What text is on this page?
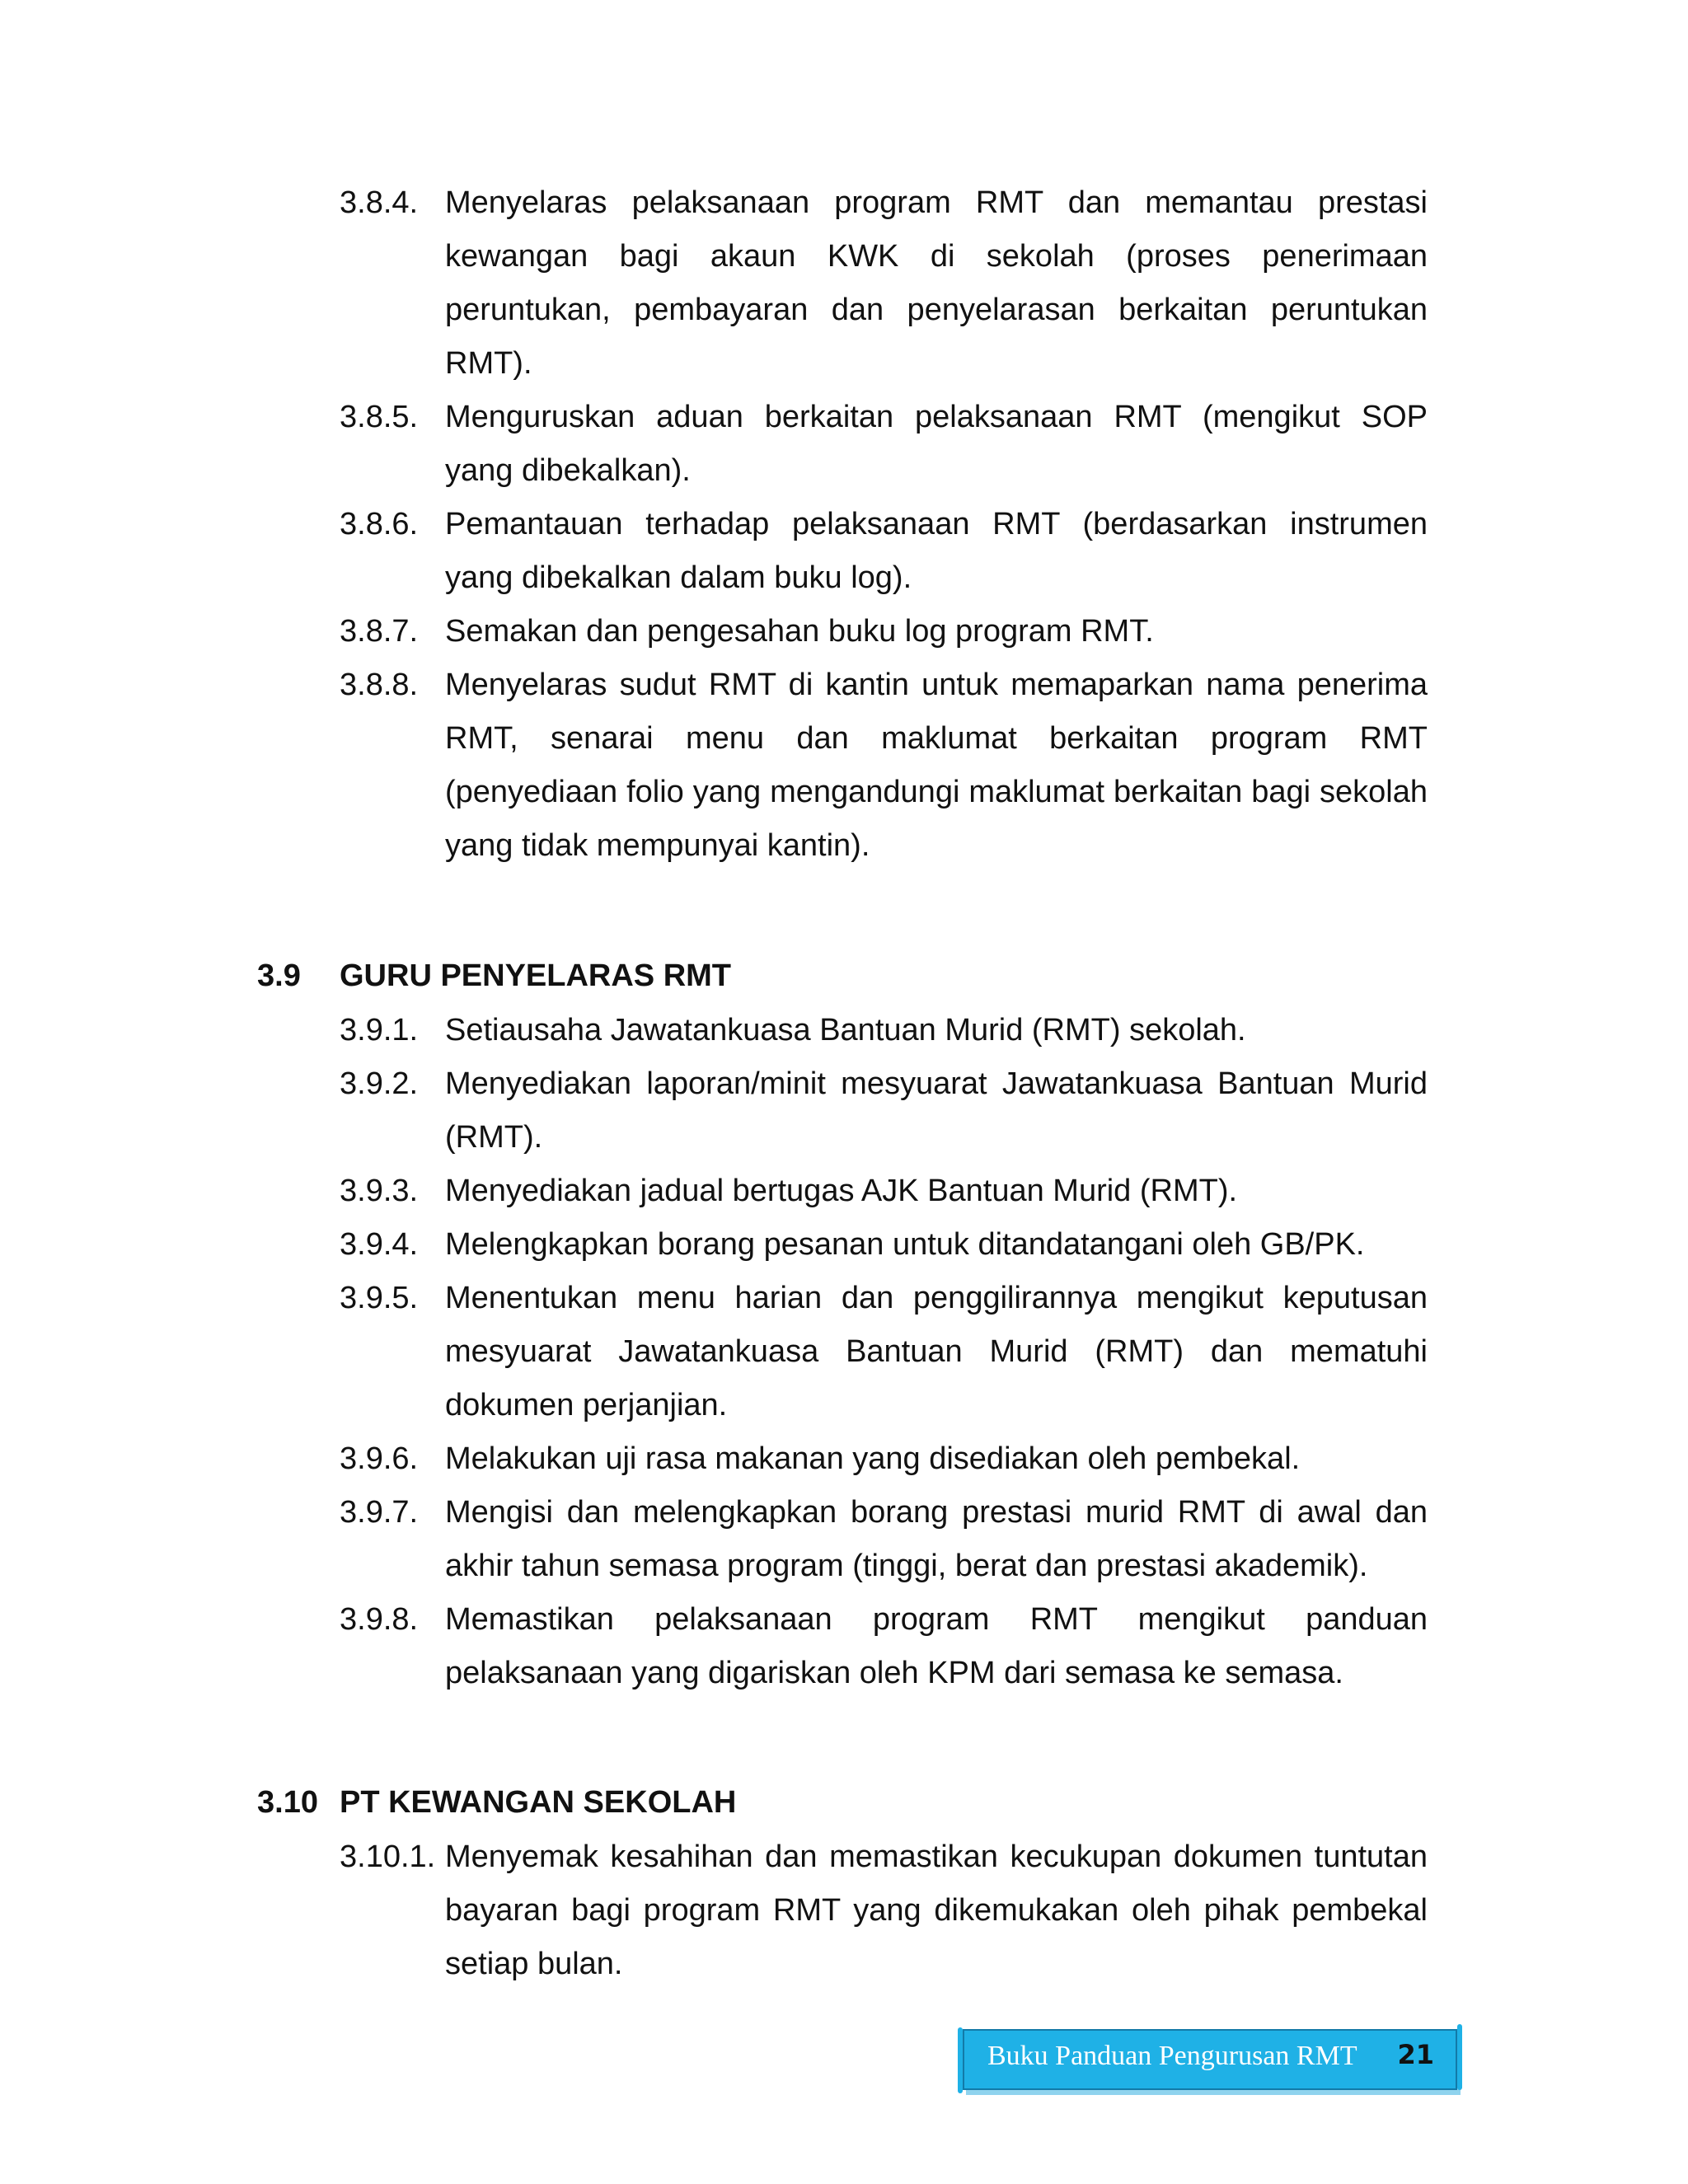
3.8.4. Menyelaras pelaksanaan program RMT dan memantau prestasi kewangan bagi akaun KWK di sekolah (proses penerimaan peruntukan, pembayaran dan penyelarasan berkaitan peruntukan RMT).
3.8.5. Menguruskan aduan berkaitan pelaksanaan RMT (mengikut SOP yang dibekalkan).
3.8.6. Pemantauan terhadap pelaksanaan RMT (berdasarkan instrumen yang dibekalkan dalam buku log).
3.8.7. Semakan dan pengesahan buku log program RMT.
3.8.8. Menyelaras sudut RMT di kantin untuk memaparkan nama penerima RMT, senarai menu dan maklumat berkaitan program RMT (penyediaan folio yang mengandungi maklumat berkaitan bagi sekolah yang tidak mempunyai kantin).
3.9 GURU PENYELARAS RMT
3.9.1. Setiausaha Jawatankuasa Bantuan Murid (RMT) sekolah.
3.9.2. Menyediakan laporan/minit mesyuarat Jawatankuasa Bantuan Murid (RMT).
3.9.3. Menyediakan jadual bertugas AJK Bantuan Murid (RMT).
3.9.4. Melengkapkan borang pesanan untuk ditandatangani oleh GB/PK.
3.9.5. Menentukan menu harian dan penggilirannya mengikut keputusan mesyuarat Jawatankuasa Bantuan Murid (RMT) dan mematuhi dokumen perjanjian.
3.9.6. Melakukan uji rasa makanan yang disediakan oleh pembekal.
3.9.7. Mengisi dan melengkapkan borang prestasi murid RMT di awal dan akhir tahun semasa program (tinggi, berat dan prestasi akademik).
3.9.8. Memastikan pelaksanaan program RMT mengikut panduan pelaksanaan yang digariskan oleh KPM dari semasa ke semasa.
3.10 PT KEWANGAN SEKOLAH
3.10.1. Menyemak kesahihan dan memastikan kecukupan dokumen tuntutan bayaran bagi program RMT yang dikemukakan oleh pihak pembekal setiap bulan.
Buku Panduan Pengurusan RMT 21
